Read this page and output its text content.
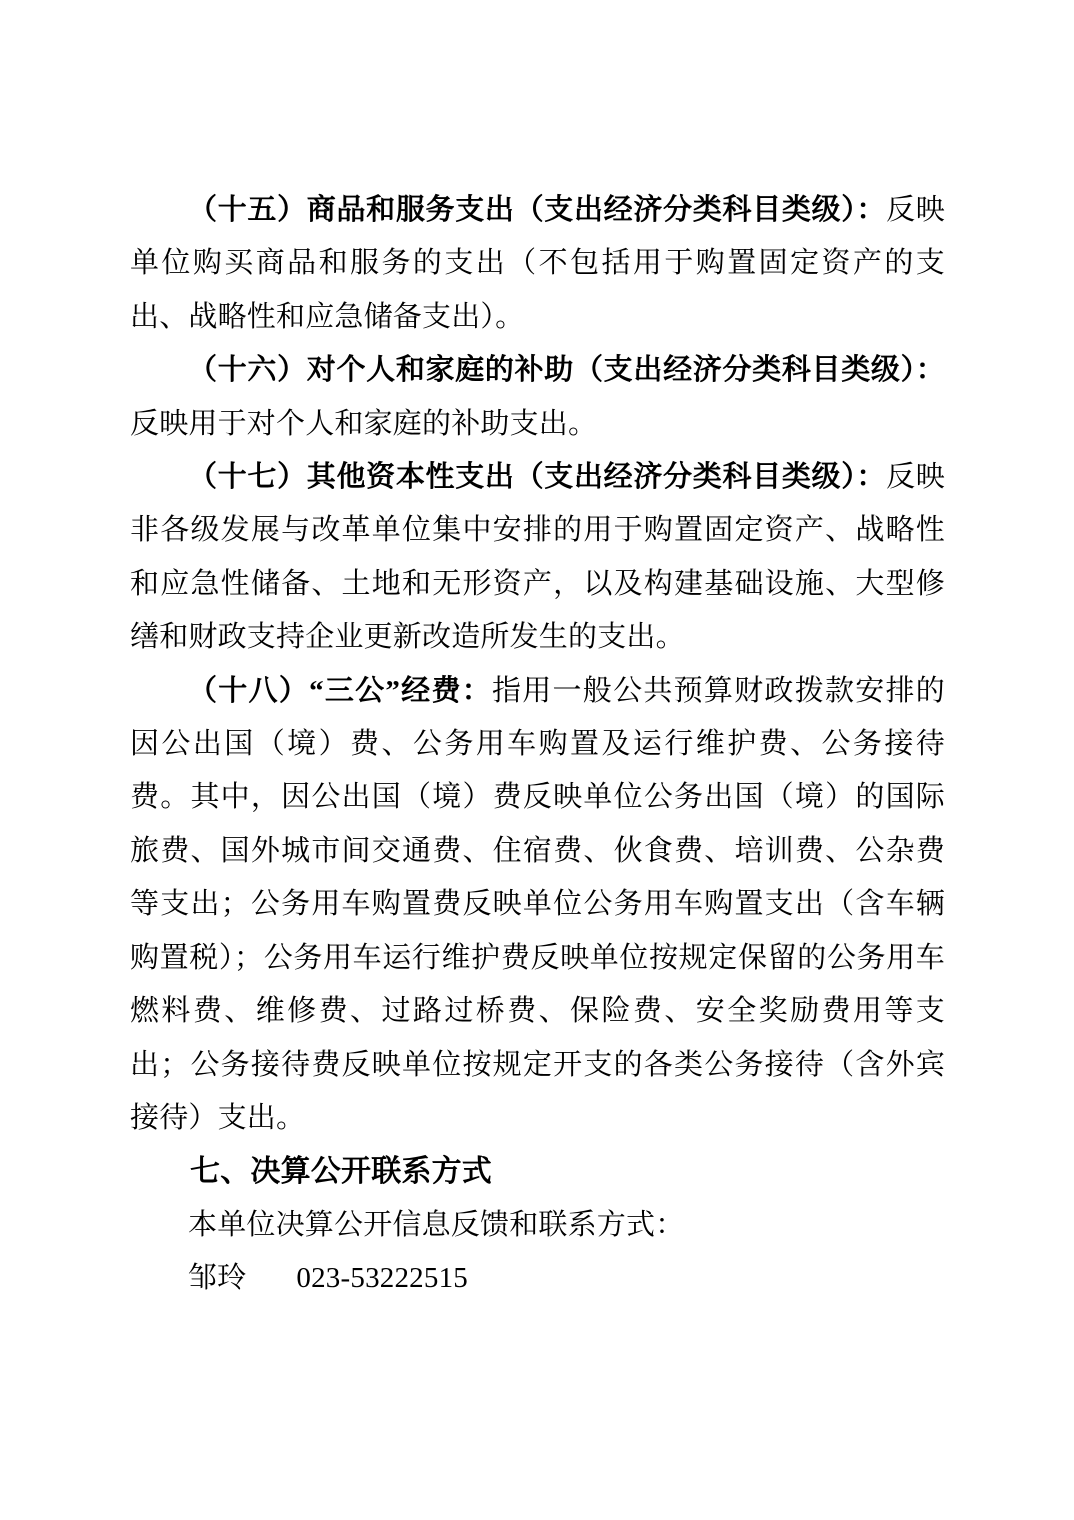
（十五）商品和服务支出（支出经济分类科目类级）：反映单位购买商品和服务的支出（不包括用于购置固定资产的支出、战略性和应急储备支出）。

（十六）对个人和家庭的补助（支出经济分类科目类级）：反映用于对个人和家庭的补助支出。

（十七）其他资本性支出（支出经济分类科目类级）：反映非各级发展与改革单位集中安排的用于购置固定资产、战略性和应急性储备、土地和无形资产，以及构建基础设施、大型修缮和财政支持企业更新改造所发生的支出。

（十八）“三公”经费：指用一般公共预算财政拨款安排的因公出国（境）费、公务用车购置及运行维护费、公务接待费。其中，因公出国（境）费反映单位公务出国（境）的国际旅费、国外城市间交通费、住宿费、伙食费、培训费、公杂费等支出；公务用车购置费反映单位公务用车购置支出（含车辆购置税）；公务用车运行维护费反映单位按规定保留的公务用车燃料费、维修费、过路过桥费、保险费、安全奖励费用等支出；公务接待费反映单位按规定开支的各类公务接待（含外宾接待）支出。

七、决算公开联系方式

本单位决算公开信息反馈和联系方式：

邹玲 023-53222515
